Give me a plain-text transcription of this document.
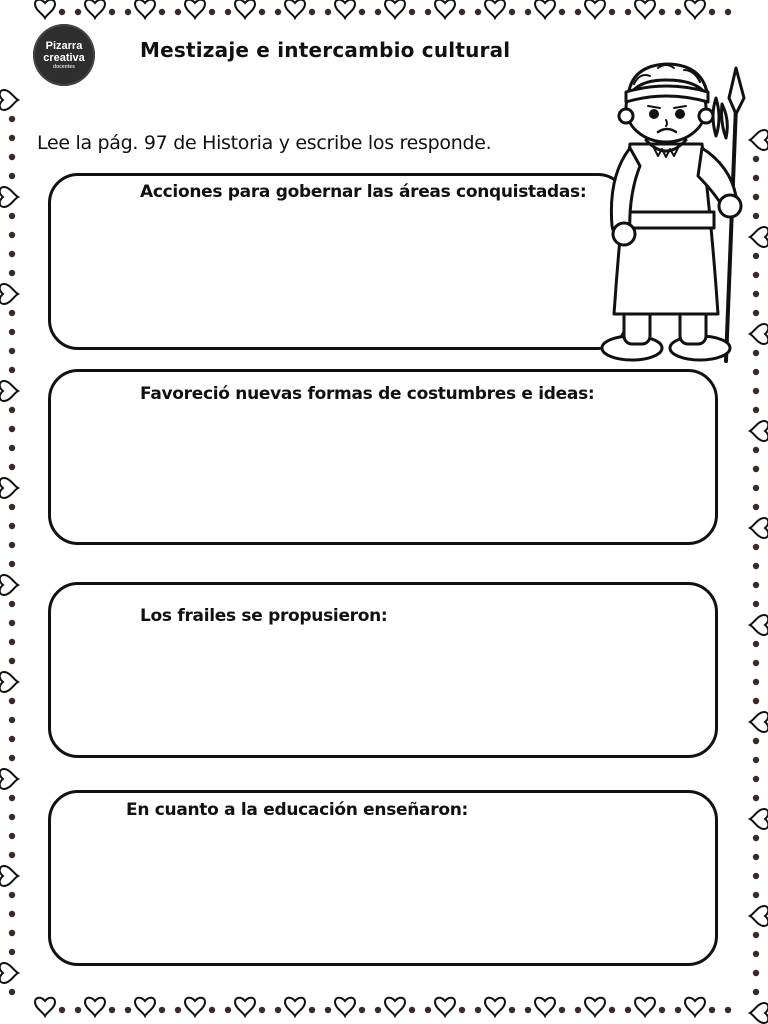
Pizarra
creativa
docentes
Mestizaje e intercambio cultural
Lee la pág. 97 de Historia y escribe los responde.
Acciones para gobernar las áreas conquistadas:
Favoreció nuevas formas de costumbres e ideas:
Los frailes se propusieron:
En cuanto a la educación enseñaron:
